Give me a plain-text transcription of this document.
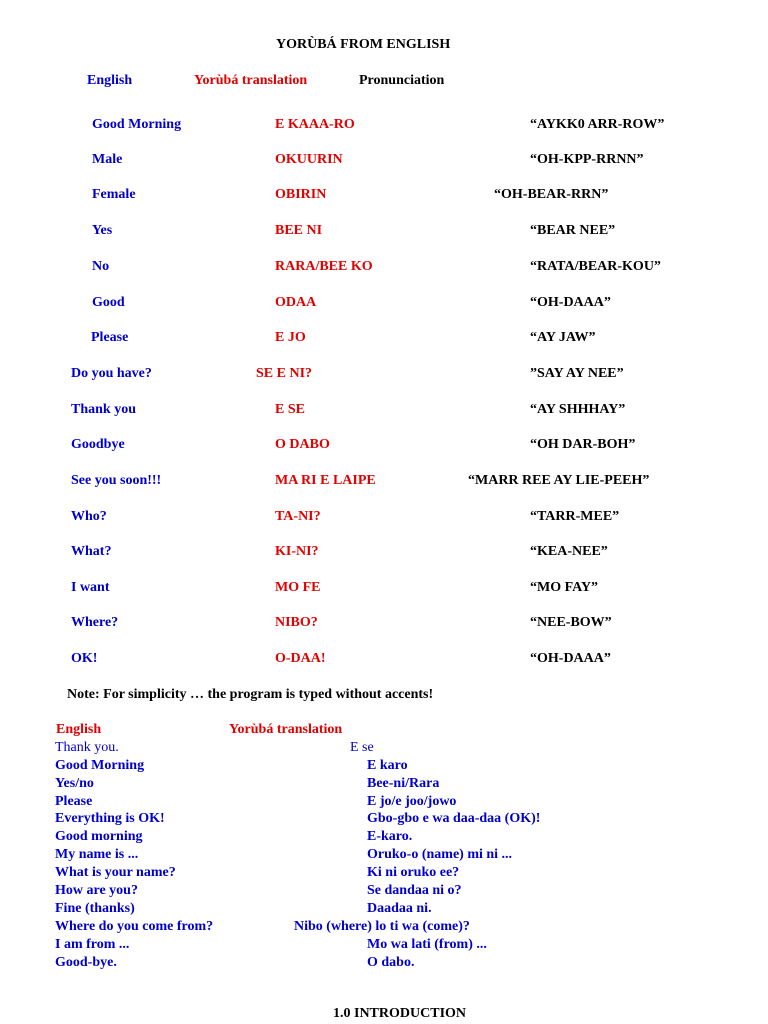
YORÙBÁ FROM ENGLISH
English	Yorùbá translation	Pronunciation
Good Morning	E KAAA-RO	“AYKK0 ARR-ROW”
Male	OKUURIN	“OH-KPP-RRNN”
Female	OBIRIN	“OH-BEAR-RRN”
Yes	BEE NI	“BEAR NEE”
No	RARA/BEE KO	“RATA/BEAR-KOU”
Good	ODAA	“OH-DAAA”
Please	E JO	“AY JAW”
Do you have?	SE E NI?	”SAY AY NEE”
Thank you	E SE	“AY SHHHAY”
Goodbye	O DABO	“OH DAR-BOH”
See you soon!!!	MA RI E LAIPE	“MARR REE AY LIE-PEEH”
Who?	TA-NI?	“TARR-MEE”
What?	KI-NI?	“KEA-NEE”
I want	MO FE	“MO FAY”
Where?	NIBO?	“NEE-BOW”
OK!	O-DAA!	“OH-DAAA”
Note: For simplicity … the program is typed without accents!
English	Yorùbá translation
Thank you.	E se
Good Morning	E karo
Yes/no	Bee-ni/Rara
Please	E jo/e joo/jowo
Everything is OK!	Gbo-gbo e wa daa-daa (OK)!
Good morning	E-karo.
My name is ...	Oruko-o (name) mi ni ...
What is your name?	Ki ni oruko ee?
How are you?	Se dandaa ni o?
Fine (thanks)	Daadaa ni.
Where do you come from?	Nibo (where) lo ti wa (come)?
I am from ...	Mo wa lati (from) ...
Good-bye.	O dabo.
1.0 INTRODUCTION
